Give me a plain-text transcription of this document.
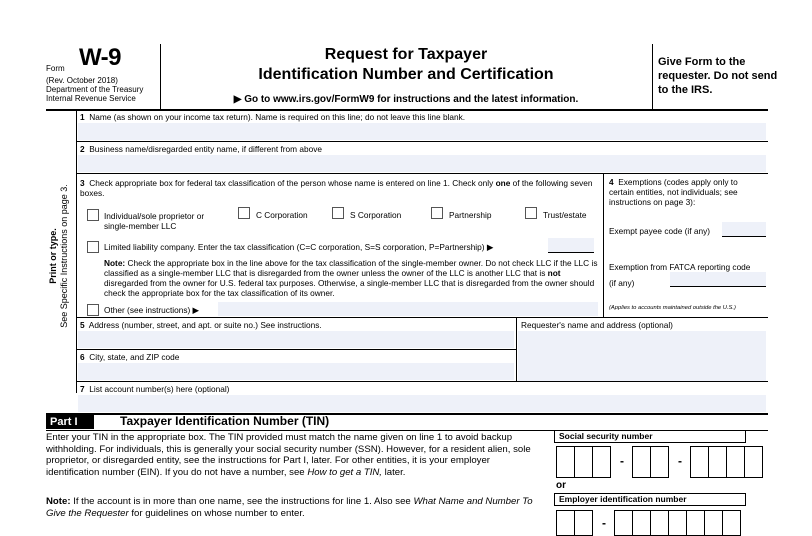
Form W-9
(Rev. October 2018)
Department of the Treasury
Internal Revenue Service
Request for Taxpayer
Identification Number and Certification
▶ Go to www.irs.gov/FormW9 for instructions and the latest information.
Give Form to the requester. Do not send to the IRS.
Print or type. See Specific Instructions on page 3.
1 Name (as shown on your income tax return). Name is required on this line; do not leave this line blank.
2 Business name/disregarded entity name, if different from above
3 Check appropriate box for federal tax classification of the person whose name is entered on line 1. Check only one of the following seven boxes.
Individual/sole proprietor or single-member LLC
C Corporation	S Corporation	Partnership	Trust/estate
Limited liability company. Enter the tax classification (C=C corporation, S=S corporation, P=Partnership) ▶
Note: Check the appropriate box in the line above for the tax classification of the single-member owner. Do not check LLC if the LLC is classified as a single-member LLC that is disregarded from the owner unless the owner of the LLC is another LLC that is not disregarded from the owner for U.S. federal tax purposes. Otherwise, a single-member LLC that is disregarded from the owner should check the appropriate box for the tax classification of its owner.
Other (see instructions) ▶
4 Exemptions (codes apply only to certain entities, not individuals; see instructions on page 3):
Exempt payee code (if any)
Exemption from FATCA reporting code (if any)
(Applies to accounts maintained outside the U.S.)
5 Address (number, street, and apt. or suite no.) See instructions.	Requester's name and address (optional)
6 City, state, and ZIP code
7 List account number(s) here (optional)
Part I	Taxpayer Identification Number (TIN)
Enter your TIN in the appropriate box. The TIN provided must match the name given on line 1 to avoid backup withholding. For individuals, this is generally your social security number (SSN). However, for a resident alien, sole proprietor, or disregarded entity, see the instructions for Part I, later. For other entities, it is your employer identification number (EIN). If you do not have a number, see How to get a TIN, later.
Note: If the account is in more than one name, see the instructions for line 1. Also see What Name and Number To Give the Requester for guidelines on whose number to enter.
Social security number
-	-
or
Employer identification number
-
